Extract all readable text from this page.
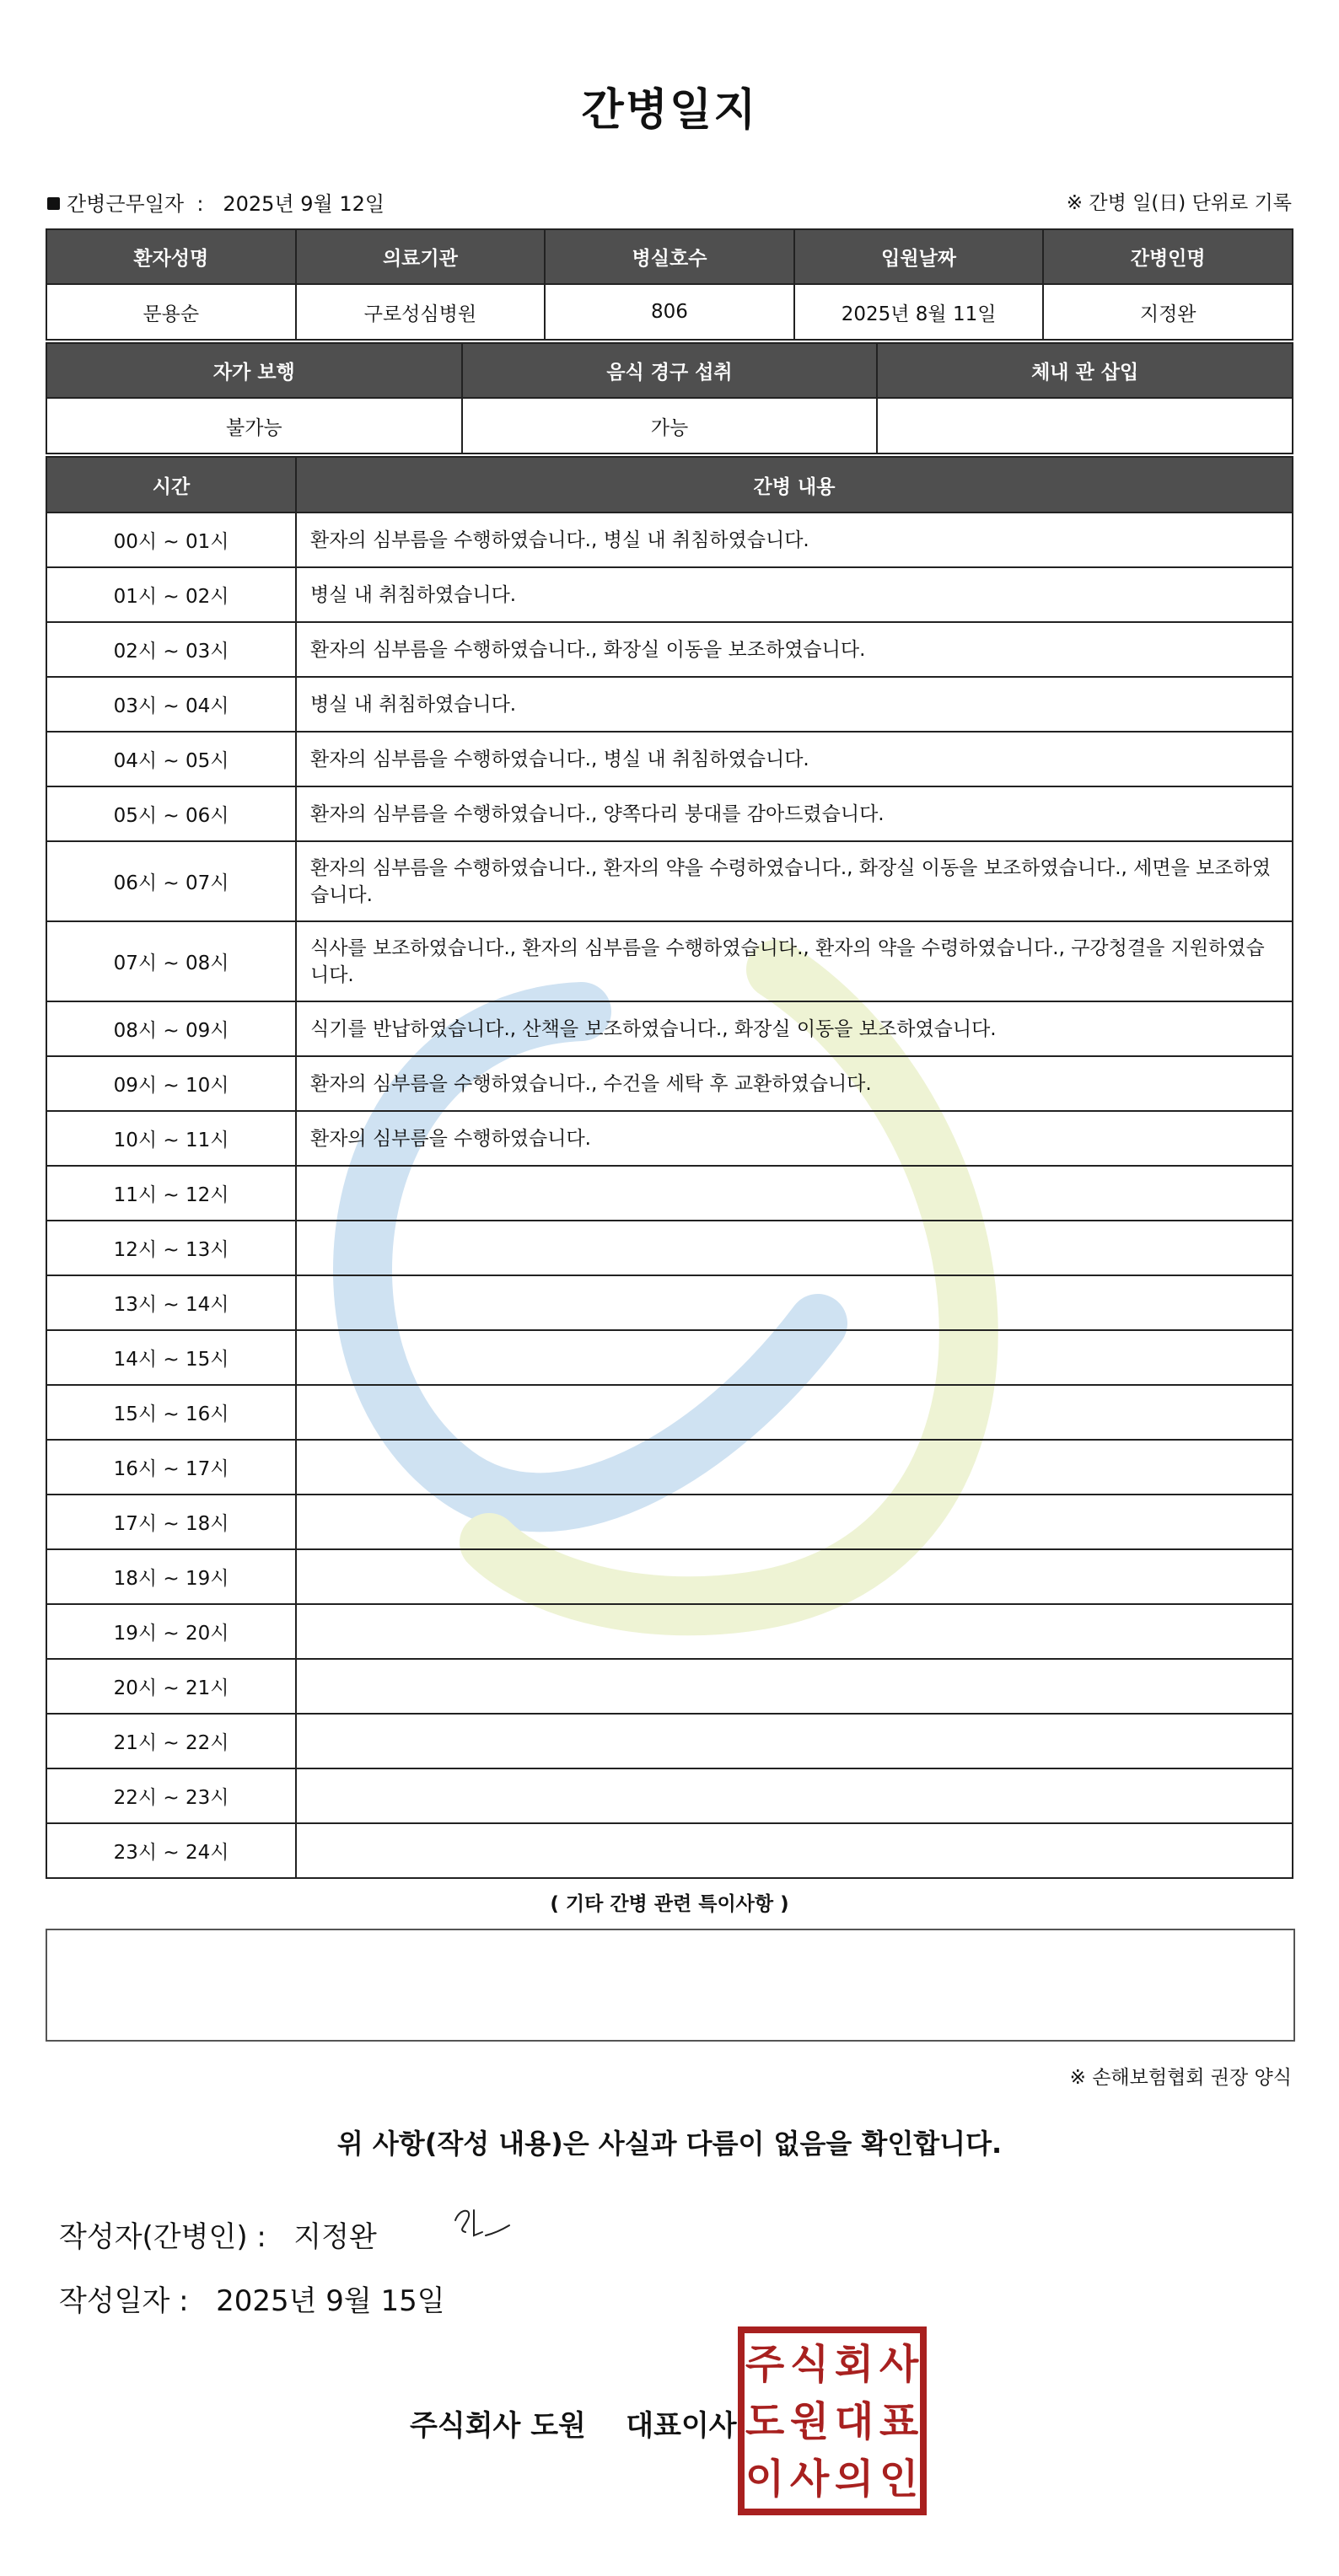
간병일지
간병근무일자 : 2025년 9월 12일	※ 간병 일(日) 단위로 기록
환자성명	의료기관	병실호수	입원날짜	간병인명
문용순	구로성심병원	806	2025년 8월 11일	지정완
자가 보행	음식 경구 섭취	체내 관 삽입
불가능	가능	
시간	간병 내용
00시 ~ 01시	환자의 심부름을 수행하였습니다., 병실 내 취침하였습니다.
01시 ~ 02시	병실 내 취침하였습니다.
02시 ~ 03시	환자의 심부름을 수행하였습니다., 화장실 이동을 보조하였습니다.
03시 ~ 04시	병실 내 취침하였습니다.
04시 ~ 05시	환자의 심부름을 수행하였습니다., 병실 내 취침하였습니다.
05시 ~ 06시	환자의 심부름을 수행하였습니다., 양쪽다리 붕대를 감아드렸습니다.
06시 ~ 07시	환자의 심부름을 수행하였습니다., 환자의 약을 수령하였습니다., 화장실 이동을 보조하였습니다., 세면을 보조하였습니다.
07시 ~ 08시	식사를 보조하였습니다., 환자의 심부름을 수행하였습니다., 환자의 약을 수령하였습니다., 구강청결을 지원하였습니다.
08시 ~ 09시	식기를 반납하였습니다., 산책을 보조하였습니다., 화장실 이동을 보조하였습니다.
09시 ~ 10시	환자의 심부름을 수행하였습니다., 수건을 세탁 후 교환하였습니다.
10시 ~ 11시	환자의 심부름을 수행하였습니다.
11시 ~ 12시	
12시 ~ 13시	
13시 ~ 14시	
14시 ~ 15시	
15시 ~ 16시	
16시 ~ 17시	
17시 ~ 18시	
18시 ~ 19시	
19시 ~ 20시	
20시 ~ 21시	
21시 ~ 22시	
22시 ~ 23시	
23시 ~ 24시	
( 기타 간병 관련 특이사항 )
※ 손해보험협회 권장 양식
위 사항(작성 내용)은 사실과 다름이 없음을 확인합니다.
작성자(간병인) : 지정완
작성일자 : 2025년 9월 15일
주식회사 도원 대표이사
주 식 회 사
도 원 대 표
이 사 의 인
